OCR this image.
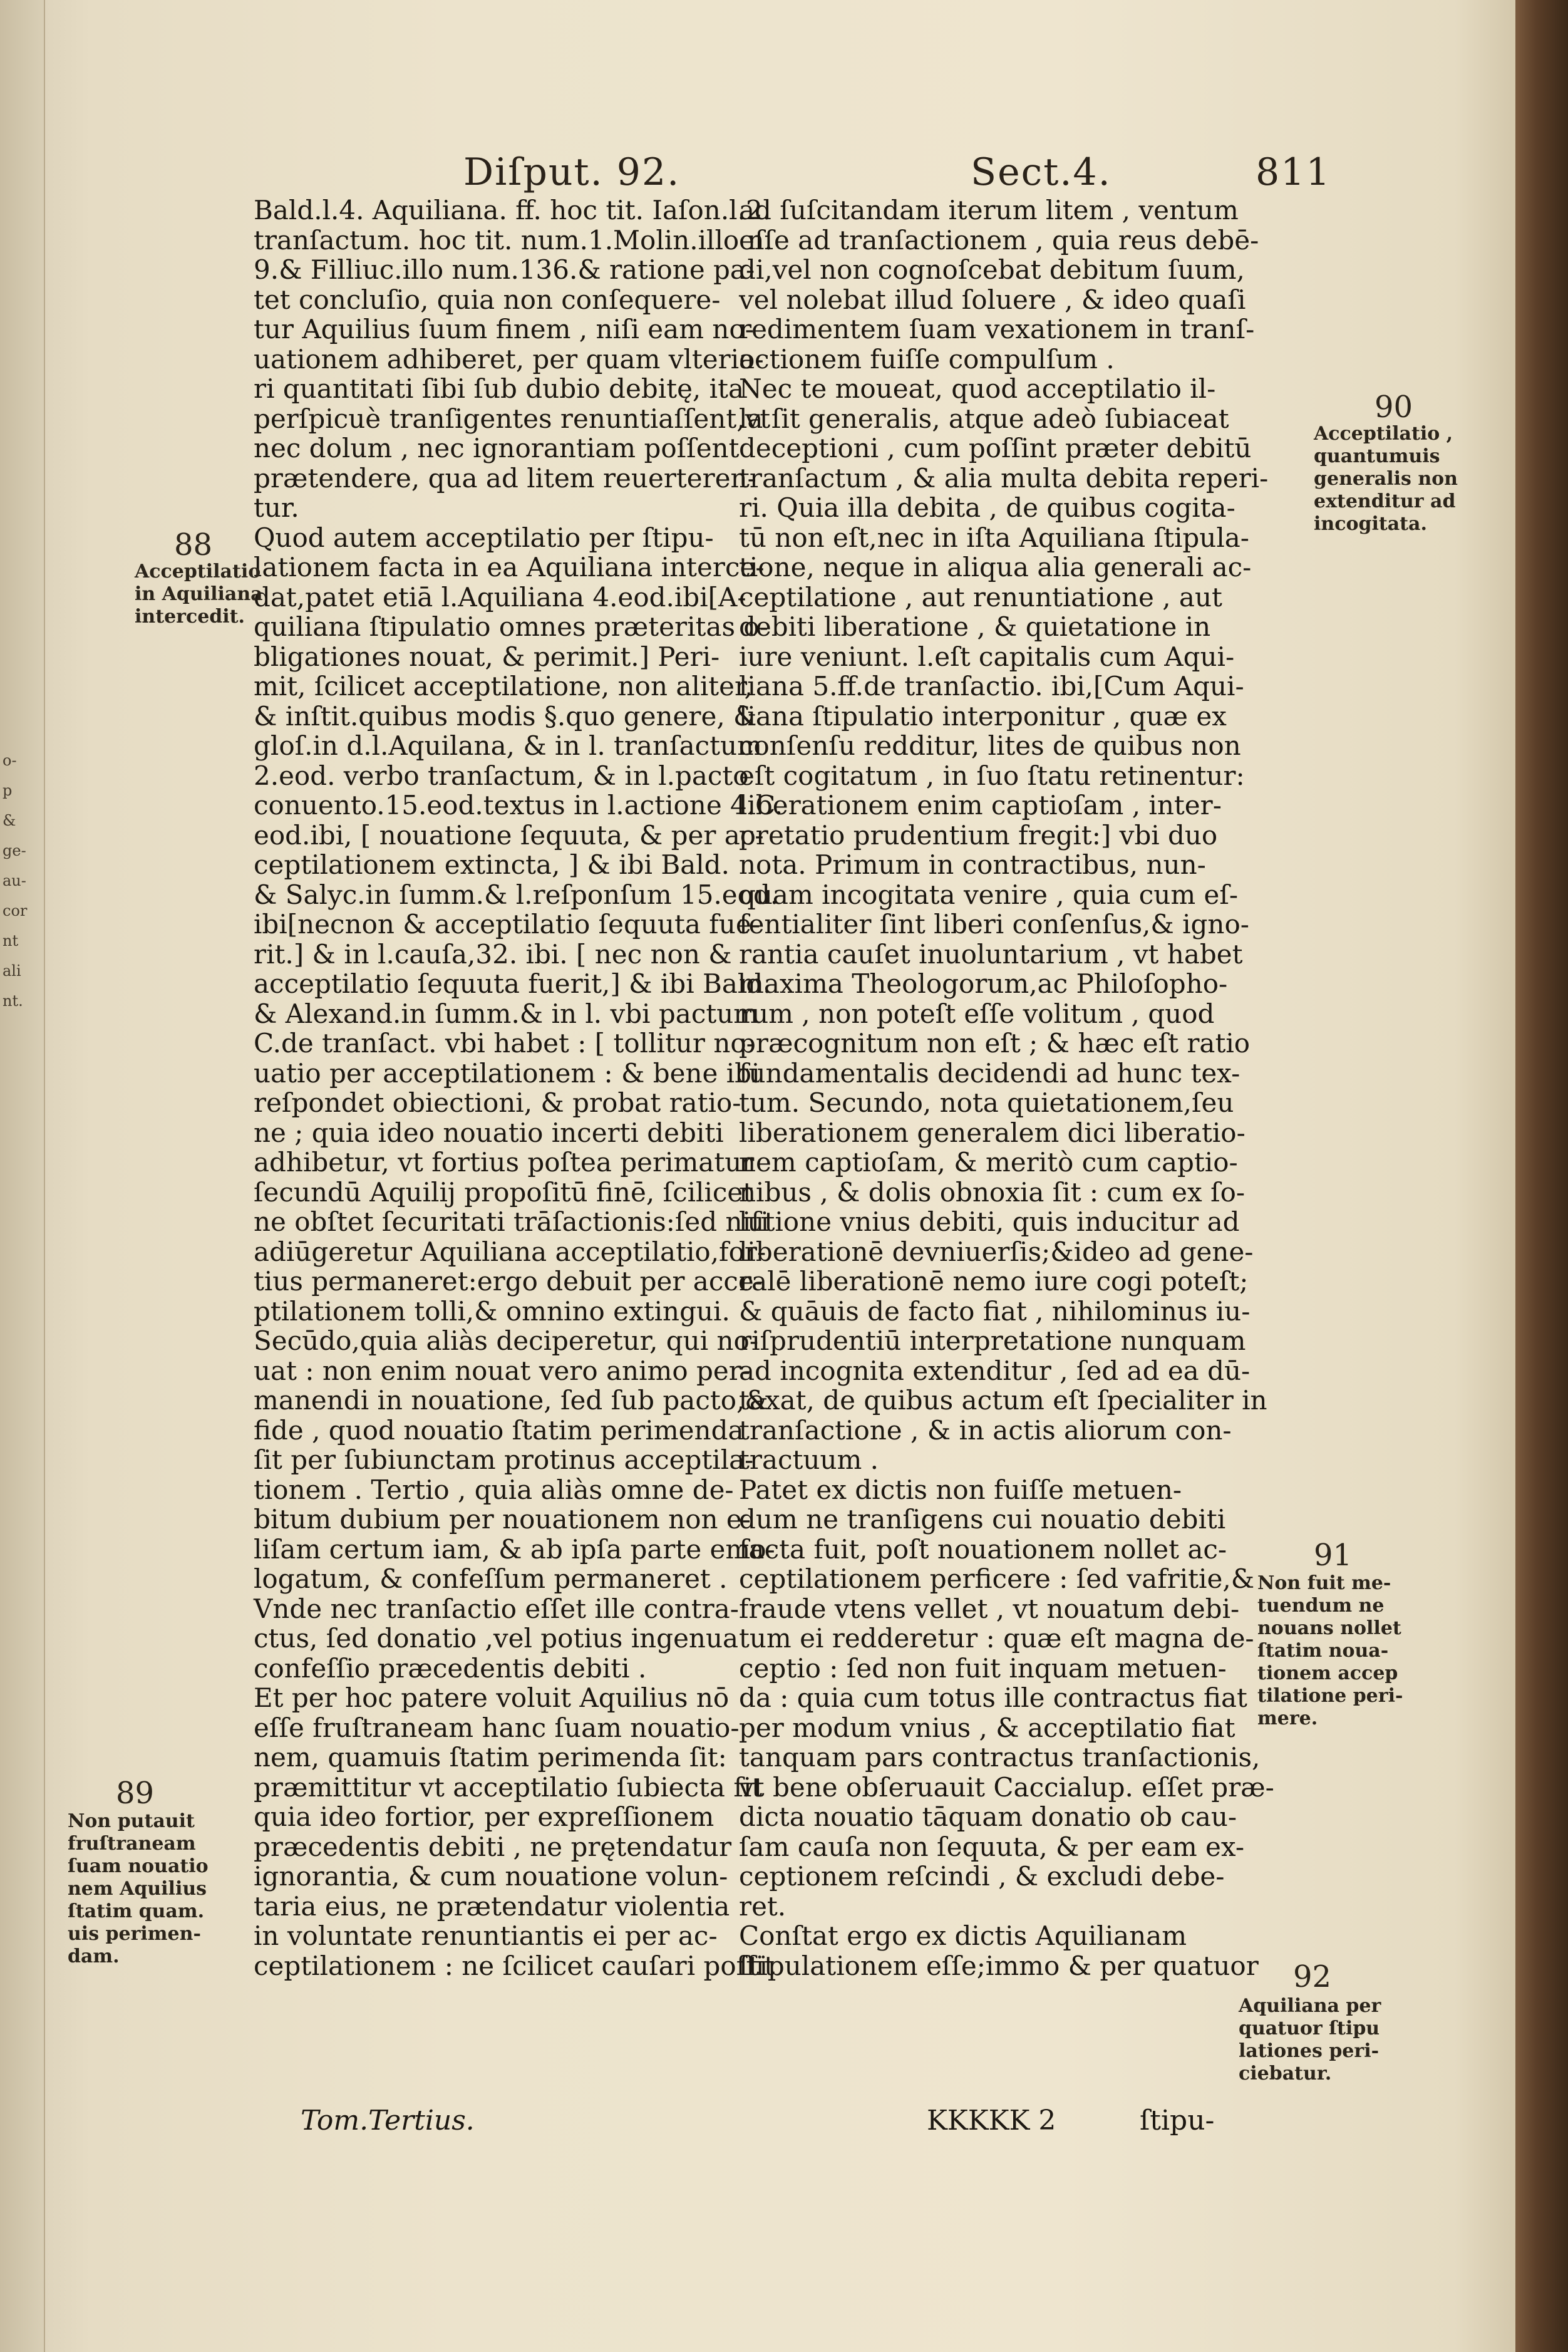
o-
p
&
ge-
au-
cor
nt
ali
nt.
Diſput. 92.	Sect.4.	811
Bald.l.4. Aquiliana. ff. hoc tit. Iaſon.l.2.
tranſactum. hoc tit. num.1.Molin.illo n.
9.& Filliuc.illo num.136.& ratione pa-
tet concluſio, quia non conſequere-
tur Aquilius ſuum finem , niſi eam no-
uationem adhiberet, per quam vlterio-
ri quantitati ſibi ſub dubio debitę, ita
perſpicuè tranſigentes renuntiaſſent,vt
nec dolum , nec ignorantiam poſſent
prætendere, qua ad litem reuerteren-
tur.
Quod autem acceptilatio per ſtipu-
lationem facta in ea Aquiliana interce-
dat,patet etiā l.Aquiliana 4.eod.ibi[A-
quiliana ſtipulatio omnes præteritas o-
bligationes nouat, & perimit.] Peri-
mit, ſcilicet acceptilatione, non aliter,
& inſtit.quibus modis §.quo genere, &
gloſ.in d.l.Aquilana, & in l. tranſactum
2.eod. verbo tranſactum, & in l.pacto
conuento.15.eod.textus in l.actione 4.C.
eod.ibi, [ nouatione ſequuta, & per ac-
ceptilationem extincta, ] & ibi Bald.
& Salyc.in ſumm.& l.reſponſum 15.eod.
ibi[necnon & acceptilatio ſequuta fue-
rit.] & in l.cauſa,32. ibi. [ nec non &
acceptilatio ſequuta fuerit,] & ibi Bald.
& Alexand.in ſumm.& in l. vbi pactum
C.de tranſact. vbi habet : [ tollitur no-
uatio per acceptilationem : & bene ibi
reſpondet obiectioni, & probat ratio-
ne ; quia ideo nouatio incerti debiti
adhibetur, vt fortius poſtea perimatur
ſecundū Aquilij propoſitū finē, ſcilicet
ne obſtet ſecuritati trāſactionis:ſed niſi
adiūgeretur Aquiliana acceptilatio,for-
tius permaneret:ergo debuit per acce-
ptilationem tolli,& omnino extingui.
Secūdo,quia aliàs deciperetur, qui no-
uat : non enim nouat vero animo per-
manendi in nouatione, ſed ſub pacto,&
fide , quod nouatio ſtatim perimenda
ſit per ſubiunctam protinus acceptila-
tionem . Tertio , quia aliàs omne de-
bitum dubium per nouationem non e-
liſam certum iam, & ab ipſa parte emo-
logatum, & confeſſum permaneret .
Vnde nec tranſactio eſſet ille contra-
ctus, ſed donatio ,vel potius ingenua
confeſſio præcedentis debiti .
Et per hoc patere voluit Aquilius nō
eſſe fruſtraneam hanc ſuam nouatio-
nem, quamuis ſtatim perimenda ſit:
præmittitur vt acceptilatio ſubiecta ſit
quia ideo fortior, per expreſſionem
præcedentis debiti , ne prętendatur
ignorantia, & cum nouatione volun-
taria eius, ne prætendatur violentia
in voluntate renuntiantis ei per ac-
ceptilationem : ne ſcilicet cauſari poſſit
ad ſuſcitandam iterum litem , ventum
eſſe ad tranſactionem , quia reus debē-
di,vel non cognoſcebat debitum ſuum,
vel nolebat illud ſoluere , & ideo quaſi
redimentem ſuam vexationem in tranſ-
actionem fuiſſe compulſum .
Nec te moueat, quod acceptilatio il-
la ſit generalis, atque adeò ſubiaceat
deceptioni , cum poſſint præter debitū
tranſactum , & alia multa debita reperi-
ri. Quia illa debita , de quibus cogita-
tū non eſt,nec in iſta Aquiliana ſtipula-
tione, neque in aliqua alia generali ac-
ceptilatione , aut renuntiatione , aut
debiti liberatione , & quietatione in
iure veniunt. l.eſt capitalis cum Aqui-
liana 5.ff.de tranſactio. ibi,[Cum Aqui-
liana ſtipulatio interponitur , quæ ex
conſenſu redditur, lites de quibus non
eſt cogitatum , in ſuo ſtatu retinentur:
liberationem enim captioſam , inter-
pretatio prudentium fregit:] vbi duo
nota. Primum in contractibus, nun-
quam incogitata venire , quia cum eſ-
ſentialiter ſint liberi conſenſus,& igno-
rantia cauſet inuoluntarium , vt habet
maxima Theologorum,ac Philoſopho-
rum , non poteſt eſſe volitum , quod
præcognitum non eſt ; & hæc eſt ratio
fundamentalis decidendi ad hunc tex-
tum. Secundo, nota quietationem,ſeu
liberationem generalem dici liberatio-
nem captioſam, & meritò cum captio-
nibus , & dolis obnoxia ſit : cum ex ſo-
lutione vnius debiti, quis inducitur ad
liberationē devniuerſis;&ideo ad gene-
ralē liberationē nemo iure cogi poteſt;
& quāuis de facto fiat , nihilominus iu-
riſprudentiū interpretatione nunquam
ad incognita extenditur , ſed ad ea dū-
taxat, de quibus actum eſt ſpecialiter in
tranſactione , & in actis aliorum con-
tractuum .
Patet ex dictis non fuiſſe metuen-
dum ne tranſigens cui nouatio debiti
facta fuit, poſt nouationem nollet ac-
ceptilationem perficere : ſed vafritie,&
fraude vtens vellet , vt nouatum debi-
tum ei redderetur : quæ eſt magna de-
ceptio : ſed non fuit inquam metuen-
da : quia cum totus ille contractus fiat
per modum vnius , & acceptilatio fiat
tanquam pars contractus tranſactionis,
vt bene obſeruauit Caccialup. eſſet præ-
dicta nouatio tāquam donatio ob cau-
ſam cauſa non ſequuta, & per eam ex-
ceptionem reſcindi , & excludi debe-
ret.
Conſtat ergo ex dictis Aquilianam
ſtipulationem eſſe;immo & per quatuor
88
Acceptilatio
in Aquiliana
intercedit.
89
Non putauit
fruſtraneam
ſuam nouatio
nem Aquilius
ſtatim quam.
uis perimen-
dam.
90
Acceptilatio ,
quantumuis
generalis non
extenditur ad
incogitata.
91
Non fuit me-
tuendum ne
nouans nollet
ſtatim noua-
tionem accep
tilatione peri-
mere.
92
Aquiliana per
quatuor ſtipu
lationes peri-
ciebatur.
Tom.Tertius.	KKKKK 2	ſtipu-
